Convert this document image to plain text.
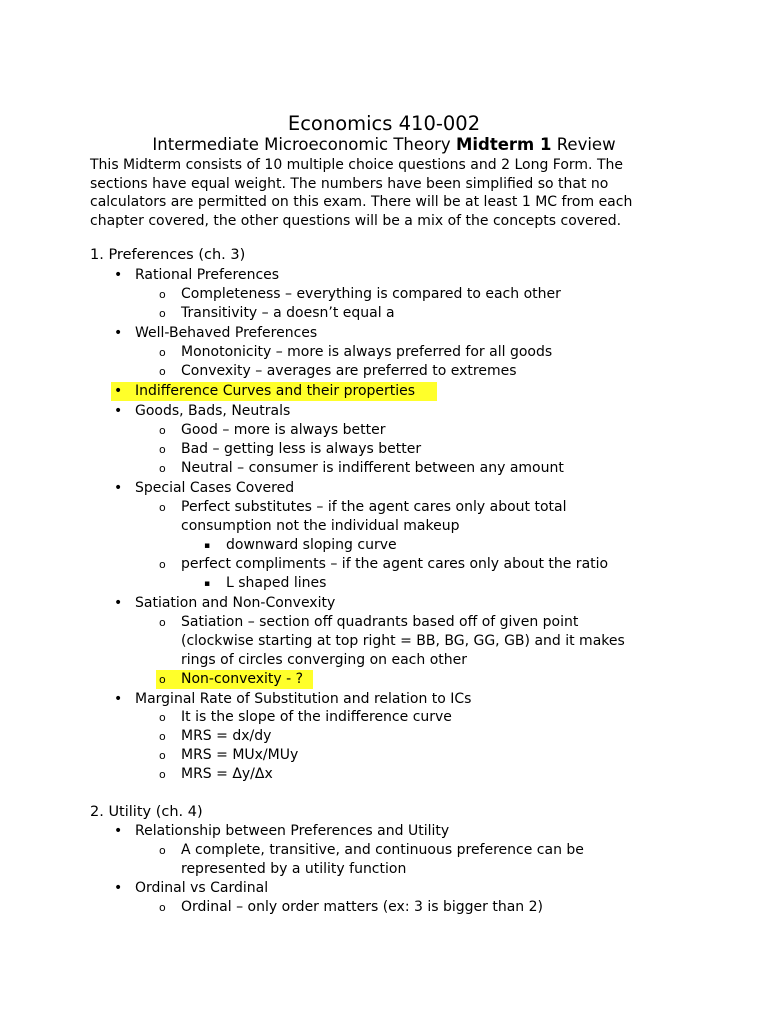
Economics 410-002
Intermediate Microeconomic Theory Midterm 1 Review
This Midterm consists of 10 multiple choice questions and 2 Long Form. The
sections have equal weight. The numbers have been simplified so that no
calculators are permitted on this exam. There will be at least 1 MC from each
chapter covered, the other questions will be a mix of the concepts covered.
1. Preferences (ch. 3)
• Rational Preferences
o Completeness – everything is compared to each other
o Transitivity – a doesn’t equal a
• Well-Behaved Preferences
o Monotonicity – more is always preferred for all goods
o Convexity – averages are preferred to extremes
• Indifference Curves and their properties
• Goods, Bads, Neutrals
o Good – more is always better
o Bad – getting less is always better
o Neutral – consumer is indifferent between any amount
• Special Cases Covered
o Perfect substitutes – if the agent cares only about total
consumption not the individual makeup
▪ downward sloping curve
o perfect compliments – if the agent cares only about the ratio
▪ L shaped lines
• Satiation and Non-Convexity
o Satiation – section off quadrants based off of given point
(clockwise starting at top right = BB, BG, GG, GB) and it makes
rings of circles converging on each other
o Non-convexity - ?
• Marginal Rate of Substitution and relation to ICs
o It is the slope of the indifference curve
o MRS = dx/dy
o MRS = MUx/MUy
o MRS = Δy/Δx
2. Utility (ch. 4)
• Relationship between Preferences and Utility
o A complete, transitive, and continuous preference can be
represented by a utility function
• Ordinal vs Cardinal
o Ordinal – only order matters (ex: 3 is bigger than 2)
